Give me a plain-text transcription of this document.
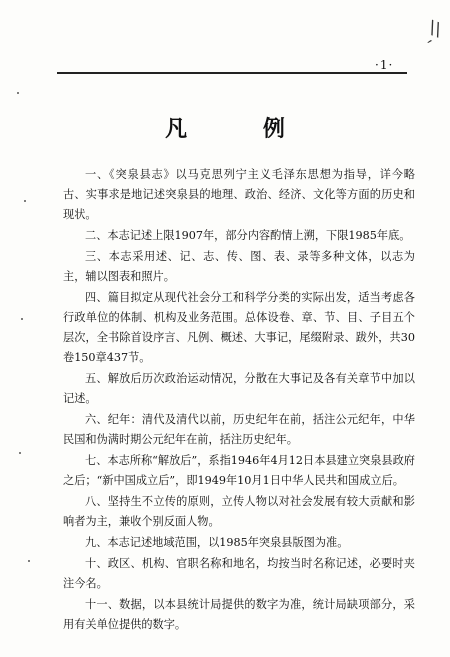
\\ ˊ
·1·
凡 例

一、《突泉县志》以马克思列宁主义毛泽东思想为指导，详今略古、实事求是地记述突泉县的地理、政治、经济、文化等方面的历史和现状。

二、本志记述上限1907年，部分内容酌情上溯，下限1985年底。

三、本志采用述、记、志、传、图、表、录等多种文体，以志为主，辅以图表和照片。

四、篇目拟定从现代社会分工和科学分类的实际出发，适当考虑各行政单位的体制、机构及业务范围。总体设卷、章、节、目、子目五个层次，全书除首设序言、凡例、概述、大事记，尾缀附录、跋外，共30卷150章437节。

五、解放后历次政治运动情况，分散在大事记及各有关章节中加以记述。

六、纪年：清代及清代以前，历史纪年在前，括注公元纪年，中华民国和伪满时期公元纪年在前，括注历史纪年。

七、本志所称“解放后”，系指1946年4月12日本县建立突泉县政府之后；“新中国成立后”，即1949年10月1日中华人民共和国成立后。

八、坚持生不立传的原则，立传人物以对社会发展有较大贡献和影响者为主，兼收个别反面人物。

九、本志记述地域范围，以1985年突泉县版图为准。

十、政区、机构、官职名称和地名，均按当时名称记述，必要时夹注今名。

十一、数据，以本县统计局提供的数字为准，统计局缺项部分，采用有关单位提供的数字。
